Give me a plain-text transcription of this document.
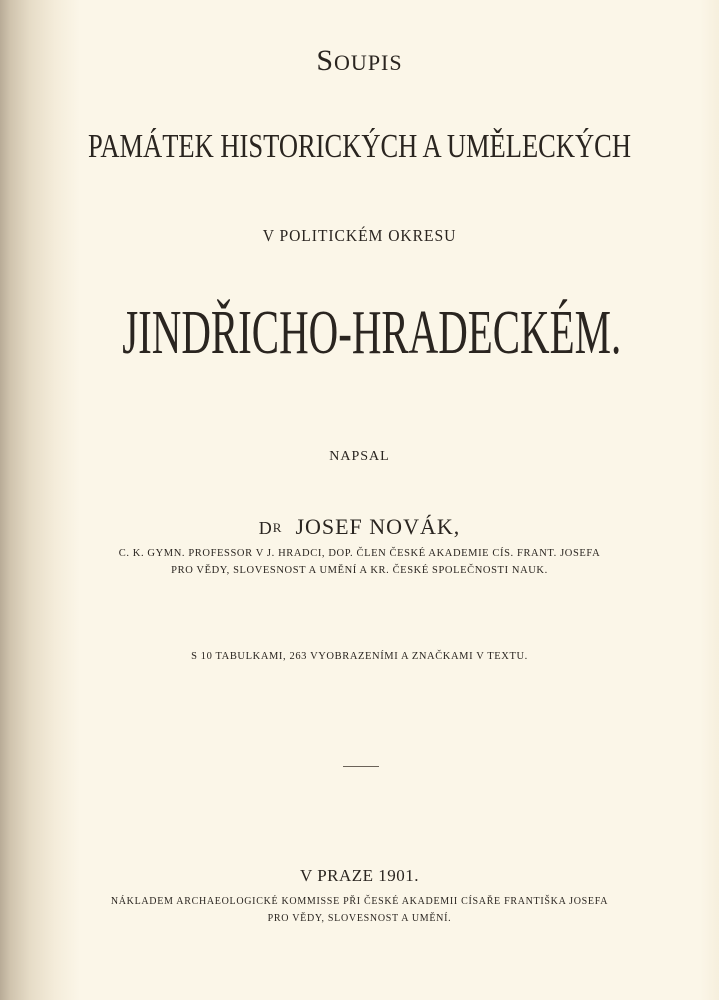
SOUPIS
PAMÁTEK HISTORICKÝCH A UMĚLECKÝCH
V POLITICKÉM OKRESU
JINDŘICHO-HRADECKÉM.
NAPSAL
DR JOSEF NOVÁK,
C. K. GYMN. PROFESSOR V J. HRADCI, DOP. ČLEN ČESKÉ AKADEMIE CÍS. FRANT. JOSEFA
PRO VĚDY, SLOVESNOST A UMĚNÍ A KR. ČESKÉ SPOLEČNOSTI NAUK.
S 10 TABULKAMI, 263 VYOBRAZENÍMI A ZNAČKAMI V TEXTU.
V PRAZE 1901.
NÁKLADEM ARCHAEOLOGICKÉ KOMMISSE PŘI ČESKÉ AKADEMII CÍSAŘE FRANTIŠKA JOSEFA
PRO VĚDY, SLOVESNOST A UMĚNÍ.
